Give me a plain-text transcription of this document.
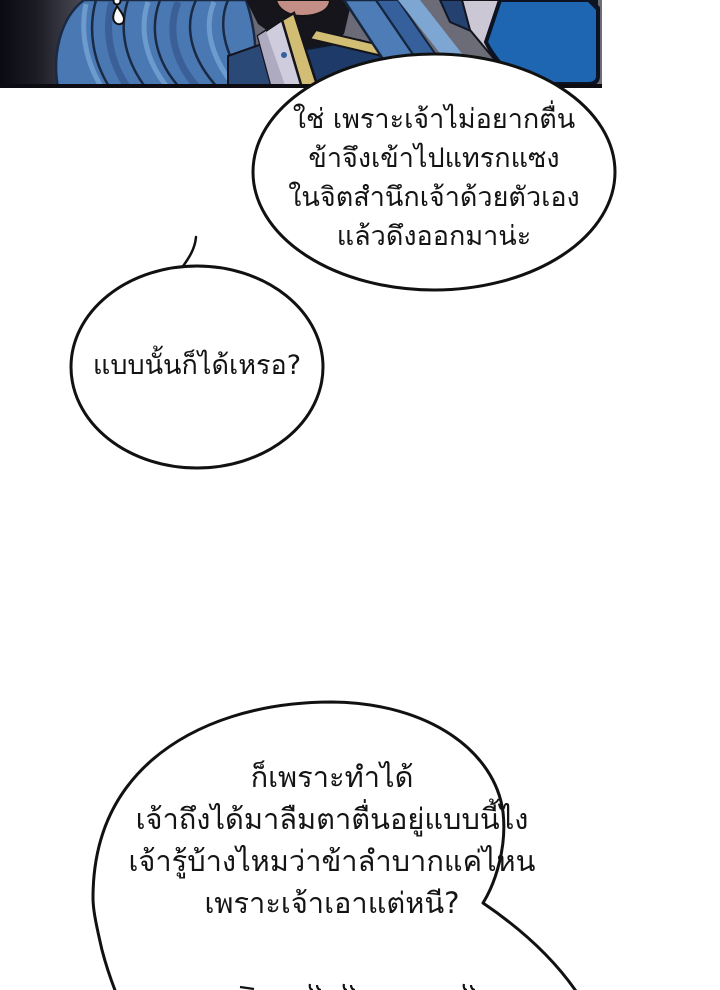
ใช่ เพราะเจ้าไม่อยากตื่น
ข้าจึงเข้าไปแทรกแซง
ในจิตสำนึกเจ้าด้วยตัวเอง
แล้วดึงออกมาน่ะ
แบบนั้นก็ได้เหรอ?
ก็เพราะทำได้
เจ้าถึงได้มาลืมตาตื่นอยู่แบบนี้ไง
เจ้ารู้บ้างไหมว่าข้าลำบากแค่ไหน
เพราะเจ้าเอาแต่หนี?
